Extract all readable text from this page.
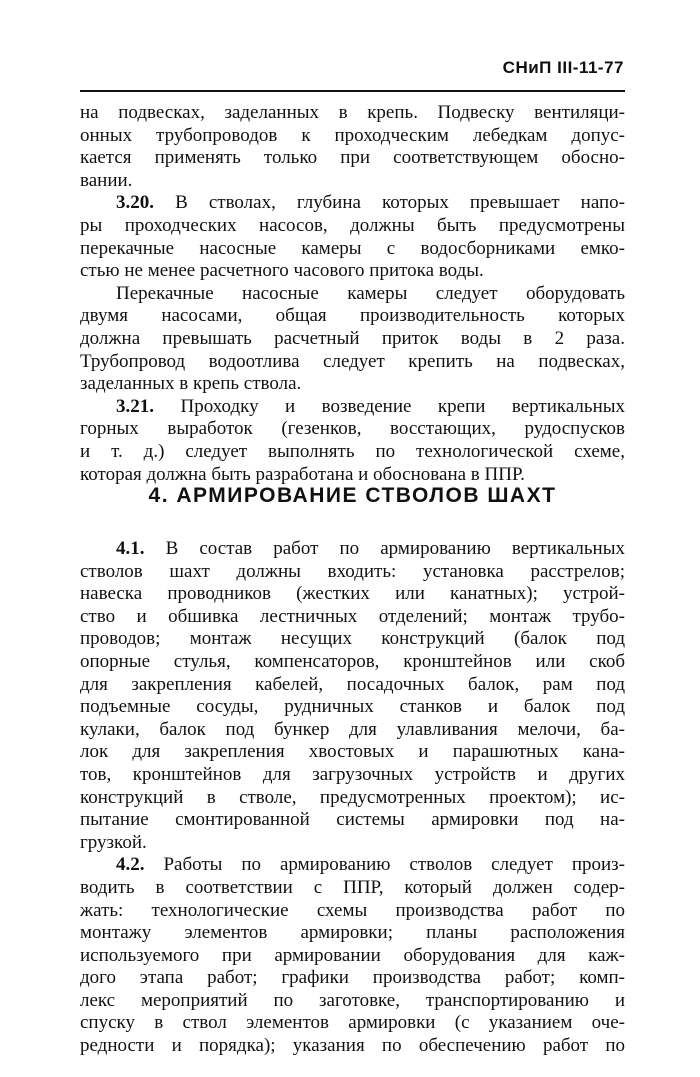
СНиП III-11-77
на подвесках, заделанных в крепь. Подвеску вентиляци-
онных трубопроводов к проходческим лебедкам допус-
кается применять только при соответствующем обосно-
вании.
3.20. В стволах, глубина которых превышает напо-
ры проходческих насосов, должны быть предусмотрены
перекачные насосные камеры с водосборниками емко-
стью не менее расчетного часового притока воды.
Перекачные насосные камеры следует оборудовать
двумя насосами, общая производительность которых
должна превышать расчетный приток воды в 2 раза.
Трубопровод водоотлива следует крепить на подвесках,
заделанных в крепь ствола.
3.21. Проходку и возведение крепи вертикальных
горных выработок (гезенков, восстающих, рудоспусков
и т. д.) следует выполнять по технологической схеме,
которая должна быть разработана и обоснована в ППР.
4. АРМИРОВАНИЕ СТВОЛОВ ШАХТ
4.1. В состав работ по армированию вертикальных
стволов шахт должны входить: установка расстрелов;
навеска проводников (жестких или канатных); устрой-
ство и обшивка лестничных отделений; монтаж трубо-
проводов; монтаж несущих конструкций (балок под
опорные стулья, компенсаторов, кронштейнов или скоб
для закрепления кабелей, посадочных балок, рам под
подъемные сосуды, рудничных станков и балок под
кулаки, балок под бункер для улавливания мелочи, ба-
лок для закрепления хвостовых и парашютных кана-
тов, кронштейнов для загрузочных устройств и других
конструкций в стволе, предусмотренных проектом); ис-
пытание смонтированной системы армировки под на-
грузкой.
4.2. Работы по армированию стволов следует произ-
водить в соответствии с ППР, который должен содер-
жать: технологические схемы производства работ по
монтажу элементов армировки; планы расположения
используемого при армировании оборудования для каж-
дого этапа работ; графики производства работ; комп-
лекс мероприятий по заготовке, транспортированию и
спуску в ствол элементов армировки (с указанием оче-
редности и порядка); указания по обеспечению работ по
